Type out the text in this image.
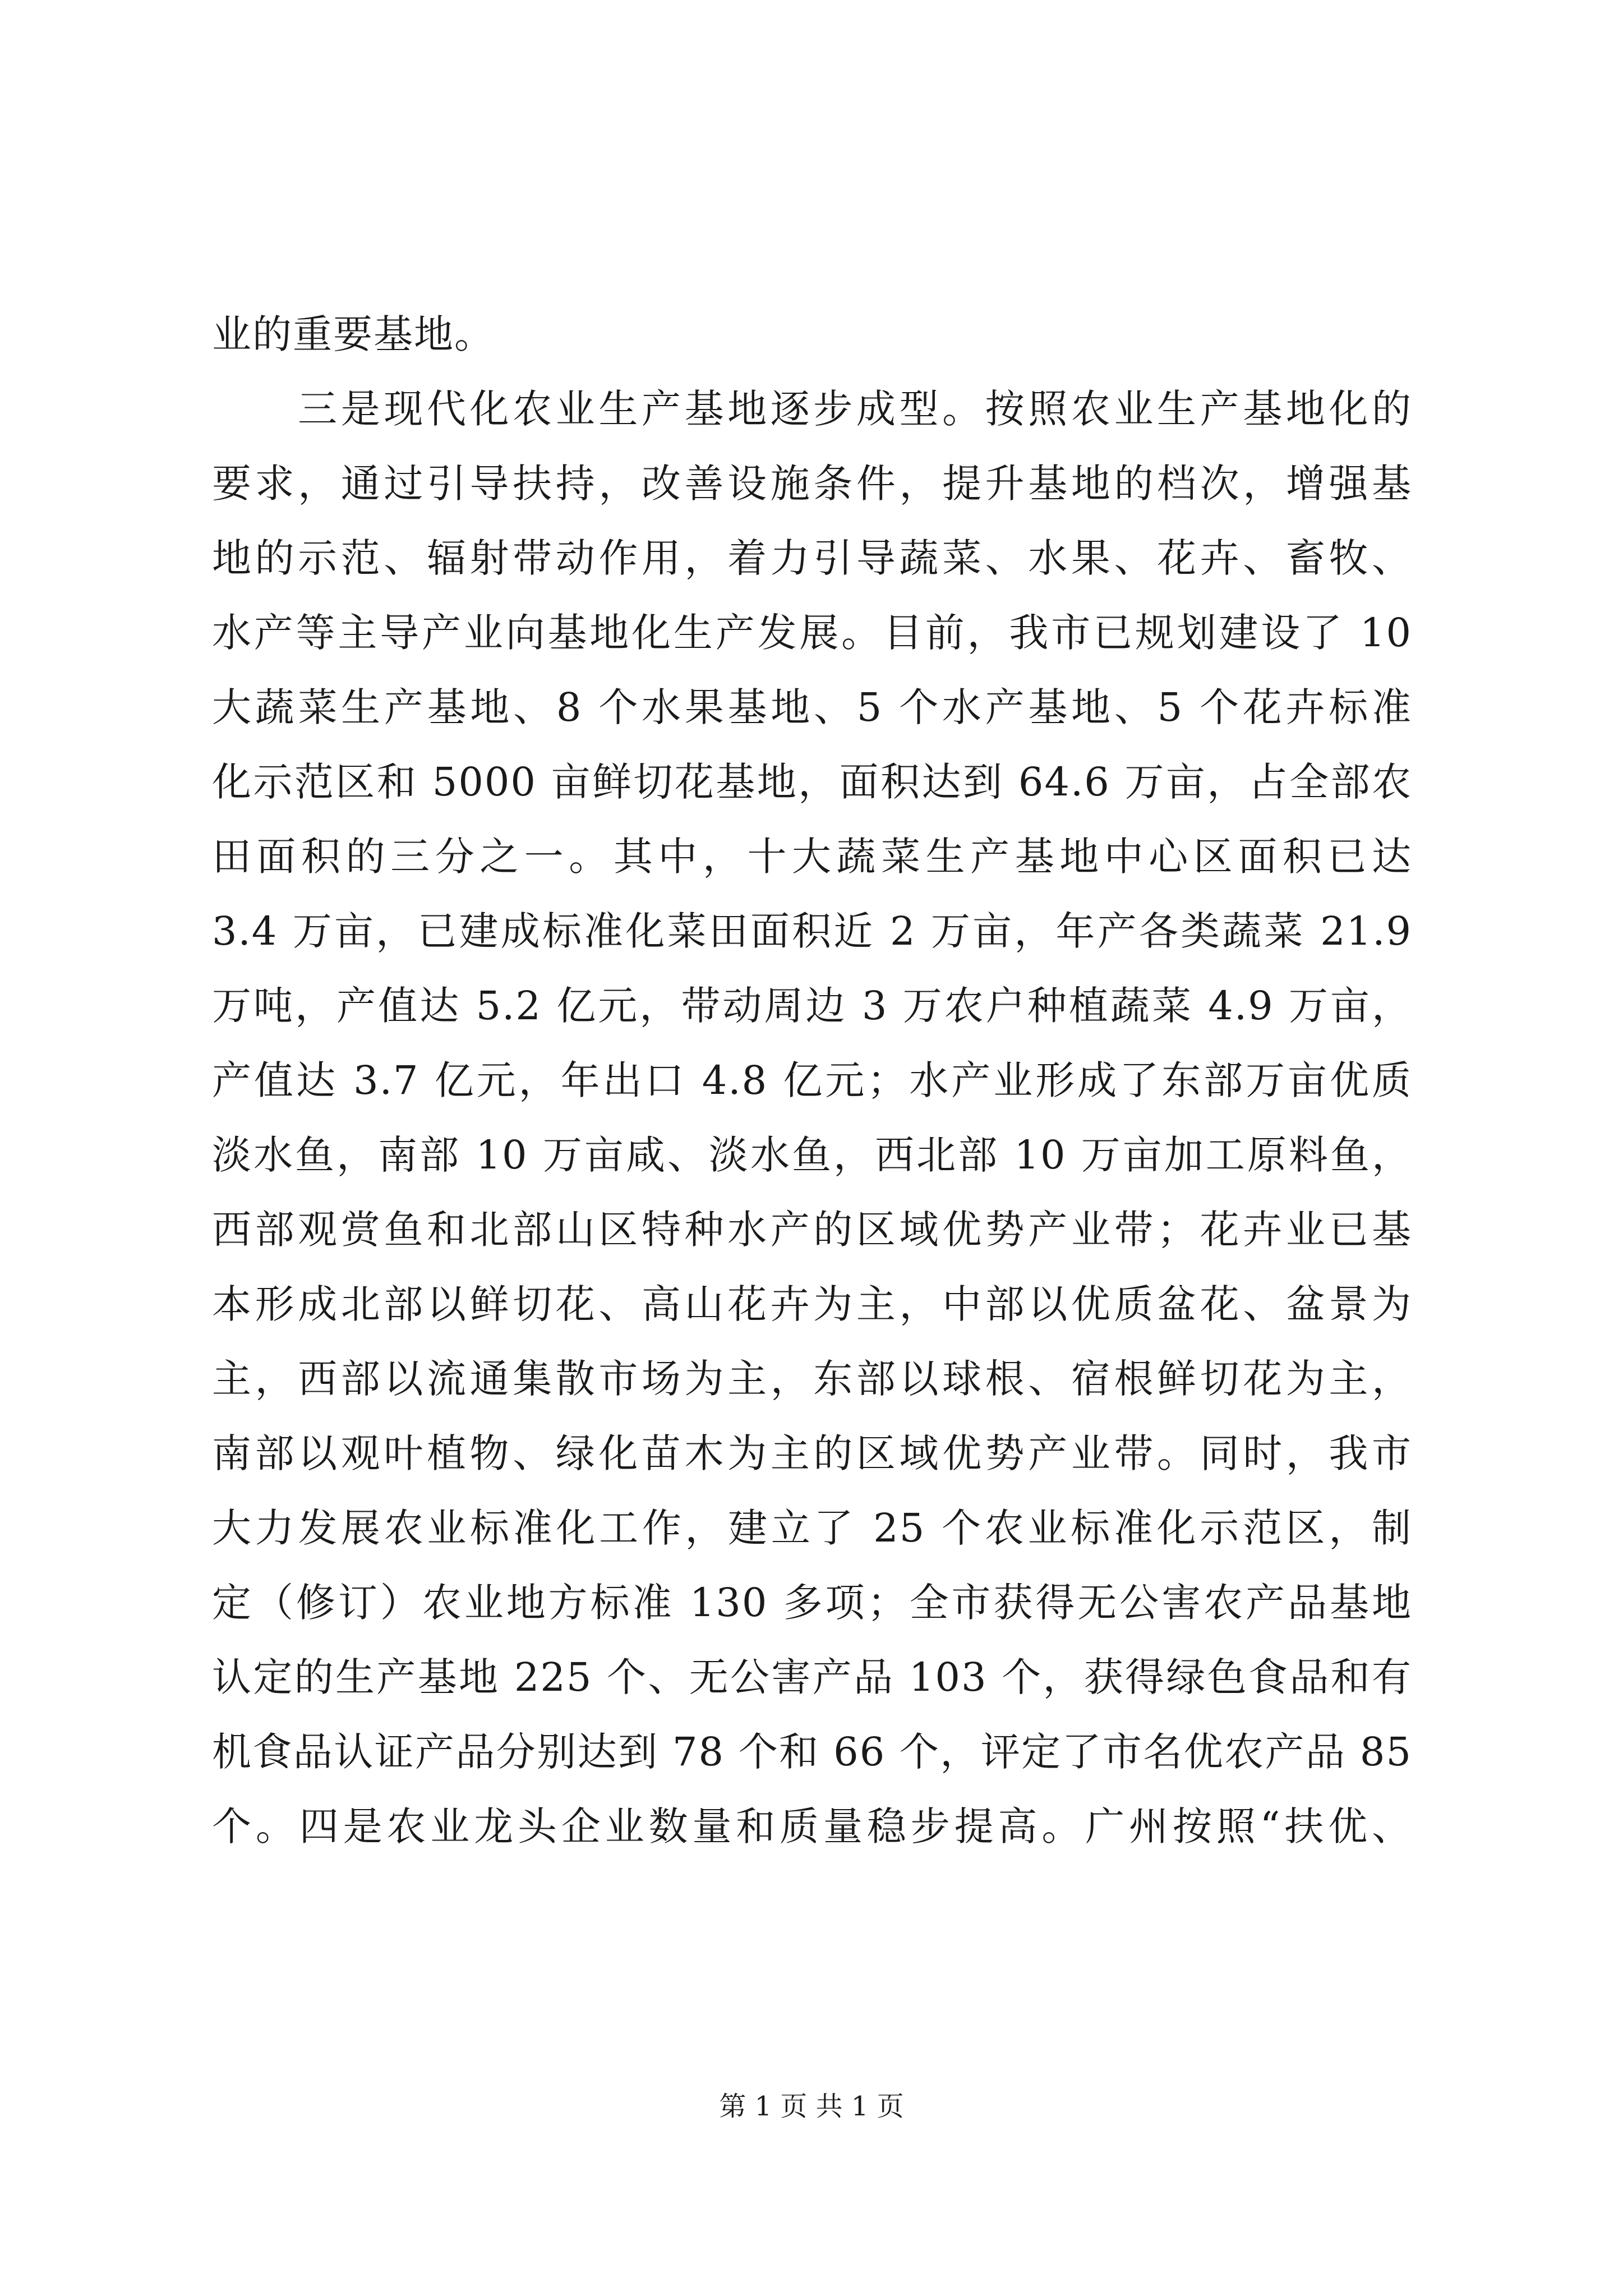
业的重要基地。
　　三是现代化农业生产基地逐步成型。按照农业生产基地化的
要求，通过引导扶持，改善设施条件，提升基地的档次，增强基
地的示范、辐射带动作用，着力引导蔬菜、水果、花卉、畜牧、
水产等主导产业向基地化生产发展。目前，我市已规划建设了 10
大蔬菜生产基地、8 个水果基地、5 个水产基地、5 个花卉标准
化示范区和 5000 亩鲜切花基地，面积达到 64.6 万亩，占全部农
田面积的三分之一。其中，十大蔬菜生产基地中心区面积已达
3.4 万亩，已建成标准化菜田面积近 2 万亩，年产各类蔬菜 21.9
万吨，产值达 5.2 亿元，带动周边 3 万农户种植蔬菜 4.9 万亩，
产值达 3.7 亿元，年出口 4.8 亿元；水产业形成了东部万亩优质
淡水鱼，南部 10 万亩咸、淡水鱼，西北部 10 万亩加工原料鱼，
西部观赏鱼和北部山区特种水产的区域优势产业带；花卉业已基
本形成北部以鲜切花、高山花卉为主，中部以优质盆花、盆景为
主，西部以流通集散市场为主，东部以球根、宿根鲜切花为主，
南部以观叶植物、绿化苗木为主的区域优势产业带。同时，我市
大力发展农业标准化工作，建立了 25 个农业标准化示范区，制
定（修订）农业地方标准 130 多项；全市获得无公害农产品基地
认定的生产基地 225 个、无公害产品 103 个，获得绿色食品和有
机食品认证产品分别达到 78 个和 66 个，评定了市名优农产品 85
个。四是农业龙头企业数量和质量稳步提高。广州按照“扶优、
第 1 页 共 1 页
